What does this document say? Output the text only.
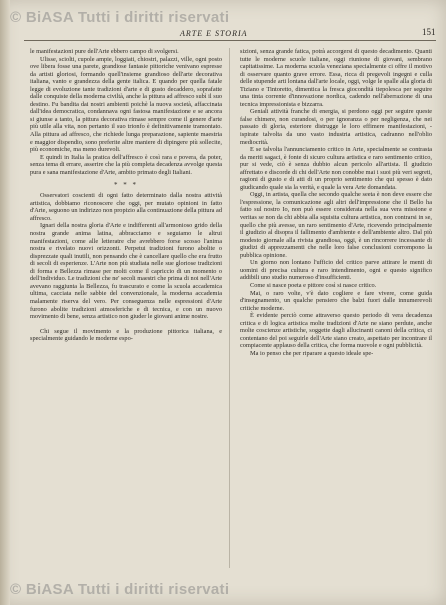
© BiASA Tutti i diritti riservati
ARTE E STORIA	151

le manifestazioni pure dell'Arte ebbero campo di svolgersi.

Ulisse, sciolti, cupole ampie, loggiati, chiostri, palazzi, ville, ogni posto ove libera fosse una parete, grandiose fantasie pittoriche venivano espresse da artisti gloriosi, formando quell'insieme grandioso dell'arte decorativa italiana, vanto e grandezza della gente italica. E quando per quella fatale legge di evoluzione tante tradizioni d'arte e di gusto decaddero, soprafatte dalle conquiste della moderna civiltà, anche la pittura ad affresco subì il suo destino. Fu bandita dai nostri ambienti poichè la nuova società, affaccinata dall'idea democratica, condannava ogni fastosa manifestazione e se ancora si giunse a tanto, la pittura decorativa rimase sempre come il genere d'arte più utile alla vita, non pertanto il suo trionfo è definitivamente tramontato. Alla pittura ad affresco, che richiede lunga preparazione, sapiente maestria e maggior dispendio, sono preferite altre maniere di dipingere più sollecite, più economiche, ma meno durevoli.

E quindi in Italia la pratica dell'affresco è così rara e povera, da poter, senza tema di errare, asserire che la più completa decadenza avvolge questa pura e sana manifestazione d'Arte, ambito primato degli Italiani.

* * *

Osservatori coscienti di ogni fatto determinato dalla nostra attività artistica, dobbiamo riconoscere che oggi, per mutato opinioni in fatto d'Arte, seguono un indirizzo non propizio alla continuazione della pittura ad affresco.

Ignari della nostra gloria d'Arte e indifferenti all'armonioso grido della nostra grande anima latina, abbracciamo e seguiamo le altrui manifestazioni, come alle letteratre che avrebbero forse scosso l'anima nostra e rivelato nuovi orizzonti. Perpetui tradizioni furono abolite o disprezzate quali inutili, non pensando che è cancellare quello che era frutto di secoli di esperienze. L'Arte non più studiata nelle sue gloriose tradizioni di forma e Bellezza rimase per molti come il capriccio di un momento o dell'individuo. Le tradizioni che ne' secoli maestri che prima di noi nell'Arte avevano raggiunta la Bellezza, fu trascurato e come la scuola accademica ultima, cacciata nelle sabbie del convenzionale, la moderna accademia malamente riserva del vero. Per conseguenza nelle espressioni d'Arte furono abolite tradizioni atmosferiche e di tecnica, e con un nuovo movimento di bene, senza artistico non giuder le giovani anime nostre.

Chi segue il movimento e la produzione pittorica italiana, e specialmente guidando le moderne espo-

sizioni, senza grande fatica, potrà accorgersi di questo decadimento. Quanti tutte le moderne scuole italiane, oggi riunione di giovani, sembrano capitatissime. La moderna scuola veneziana specialmente ci offre il motivo di osservare quanto grave errore. Essa, ricca di pregevoli ingegni e culla delle stupende arti lontana dall'arte locale, oggi, volge le spalle alla gloria di Tiziano e Tintoretto, dimentica la fresca giocondità tiepolesca per seguire una tinta corrente d'innovazione nordica, cadendo nell'aberrazione di una tecnica impressionista e bizzarra.

Geniali attività franche di energia, si perdono oggi per seguire queste false chimere, non curandosi, o per ignoranza o per negligenza, che nei passato di gloria, esteriore distrugge le loro effimere manifestazioni, - ispirate talvolta da uno vasto industria artistica, cadranno nell'oblio mediocrità.

E se talvolta l'annunciamento critico in Arte, specialmente se contrasta da meriti sagaci, è fonte di sicuro cultura artistica e raro sentimento critico, pur si vede, ciò è senza dubbio alcun pericolo all'artista. Il giudizio affrettato e discorde di chi dell'Arte non conobbe mai i suoi più veri segreti, ragioni di gusto e di atti di un proprio sentimento che qui spesso è dato giudicando quale sia la verità, e quale la vera Arte domandata.

Oggi, in artista, quella che secondo qualche seeta è non deve essere che l'espressione, la comunicazione agli altri dell'impressione che il Bello ha fatto sul nostro Io, non può essere considerata nella sua vera missione e veritas se non da chi abbia alla squisita cultura artistica, non contrarsi in se, quello che più avesse, un raro sentimento d'Arte, ricevendo principalmente il giudizio al disopra il fallimento d'ambiente e dell'ambiente altro. Dal più modesto giornale alla rivista grandiosa, oggi, è un rincorrere incessante di giudizi di apprezzamenti che nelle loro false conclusioni corrompono la pubblica opinione.

Un giorno non lontano l'ufficio del critico parve attirare le menti di uomini di precisa cultura e raro intendimento, ogni e questo significo addibili uno studio numeroso d'insufficienti.

Come si nasce poeta e pittore così si nasce critico.

Mai, o raro volte, v'è dato cogliere e fare vivere, come guida d'insegnamento, un qualche pensiero che balzi fuori dalle innumerevoli critiche moderne.

È evidente perciò come attraverso questo periodo di vera decadenza critica e di logica artistica molte tradizioni d'Arte ne siano perdute, anche molte coscienze artistiche, soggette dagli allucinanti canoni della critica, ci contentano del poi seguirle dell'Arte siano creato, aspettato per incontrare il compiacente applauso della critica, che forma nuovole e ogni pubblicità.

Ma io penso che per riparare a questo ideale spe-

© BiASA Tutti i diritti riservati
